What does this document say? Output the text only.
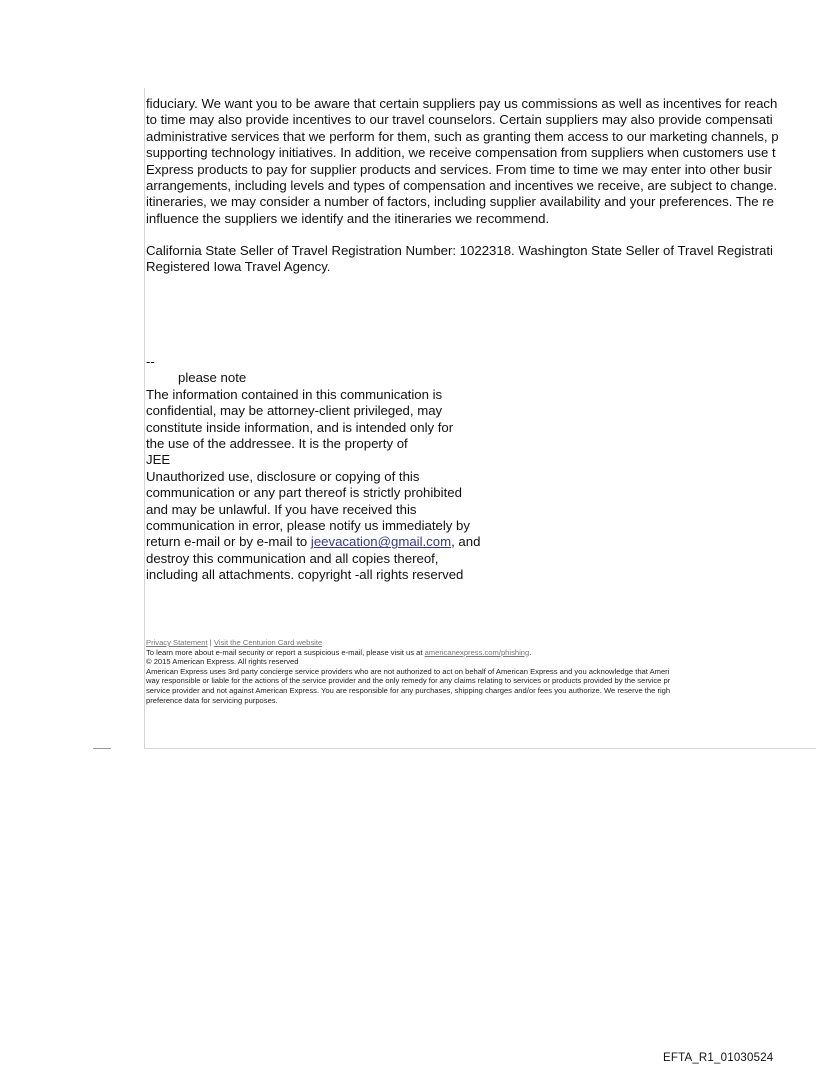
fiduciary. We want you to be aware that certain suppliers pay us commissions as well as incentives for reach
to time may also provide incentives to our travel counselors. Certain suppliers may also provide compensati
administrative services that we perform for them, such as granting them access to our marketing channels, p
supporting technology initiatives. In addition, we receive compensation from suppliers when customers use t
Express products to pay for supplier products and services. From time to time we may enter into other busir
arrangements, including levels and types of compensation and incentives we receive, are subject to change.
itineraries, we may consider a number of factors, including supplier availability and your preferences. The re
influence the suppliers we identify and the itineraries we recommend.
California State Seller of Travel Registration Number: 1022318. Washington State Seller of Travel Registrati
Registered Iowa Travel Agency.
--
please note
The information contained in this communication is
confidential, may be attorney-client privileged, may
constitute inside information, and is intended only for
the use of the addressee. It is the property of
JEE
Unauthorized use, disclosure or copying of this
communication or any part thereof is strictly prohibited
and may be unlawful. If you have received this
communication in error, please notify us immediately by
return e-mail or by e-mail to jeevacation@gmail.com, and
destroy this communication and all copies thereof,
including all attachments. copyright -all rights reserved
Privacy Statement | Visit the Centurion Card website
To learn more about e-mail security or report a suspicious e-mail, please visit us at americanexpress.com/phishing.
© 2015 American Express. All rights reserved
American Express uses 3rd party concierge service providers who are not authorized to act on behalf of American Express and you acknowledge that Ameri
way responsible or liable for the actions of the service provider and the only remedy for any claims relating to services or products provided by the service pr
service provider and not against American Express. You are responsible for any purchases, shipping charges and/or fees you authorize. We reserve the righ
preference data for servicing purposes.
EFTA_R1_01030524
